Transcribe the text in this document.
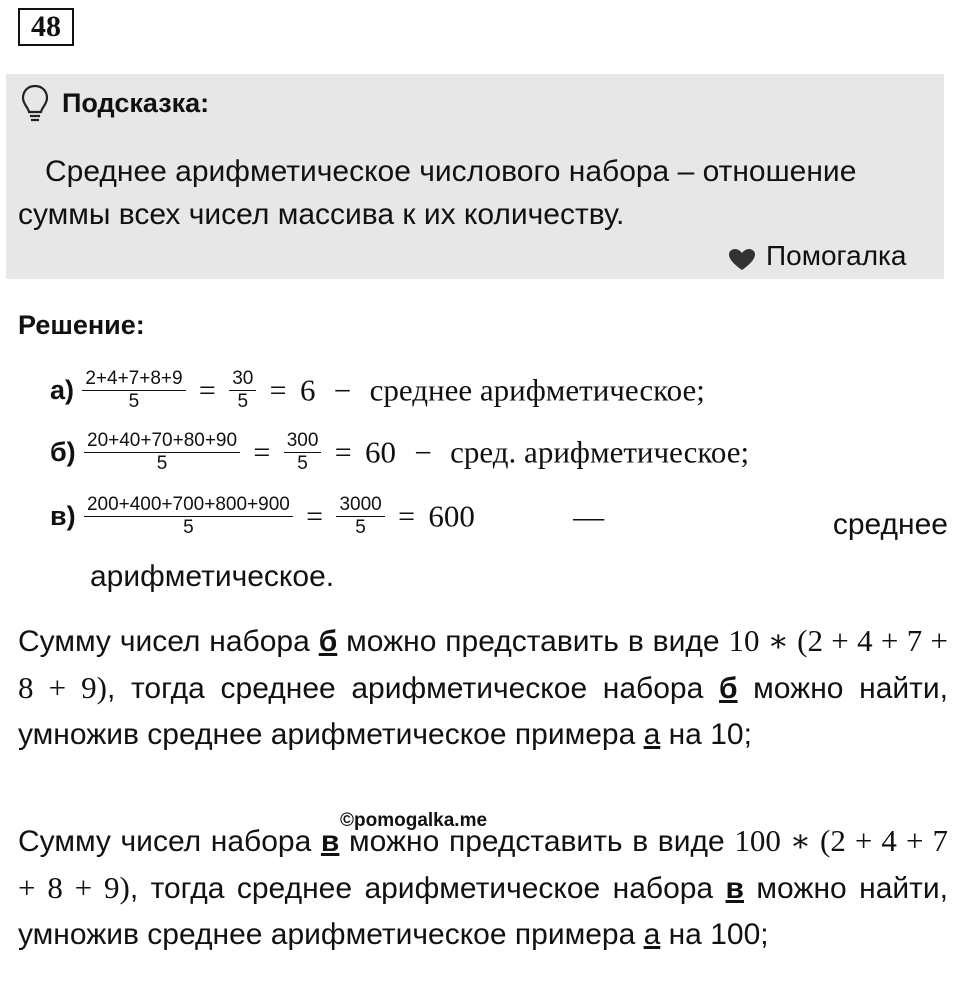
48
Подсказка:
Среднее арифметическое числового набора – отношение суммы всех чисел массива к их количеству.
Помогалка
Решение:
$а) \frac{2+4+7+8+9}{5} = \frac{30}{5} = 6$ − среднее арифметическое;
$б) \frac{20+40+70+80+90}{5} = \frac{300}{5} = 60$ − сред. арифметическое;
$в) \frac{200+400+700+800+900}{5} = \frac{3000}{5} = 600$	—	среднее
арифметическое.
Сумму чисел набора б можно представить в виде 10 ∗ (2 + 4 + 7 + 8 + 9), тогда среднее арифметическое набора б можно найти, умножив среднее арифметическое примера а на 10;
©pomogalka.me
Сумму чисел набора в можно представить в виде 100 ∗ (2 + 4 + 7 + 8 + 9), тогда среднее арифметическое набора в можно найти, умножив среднее арифметическое примера а на 100;
